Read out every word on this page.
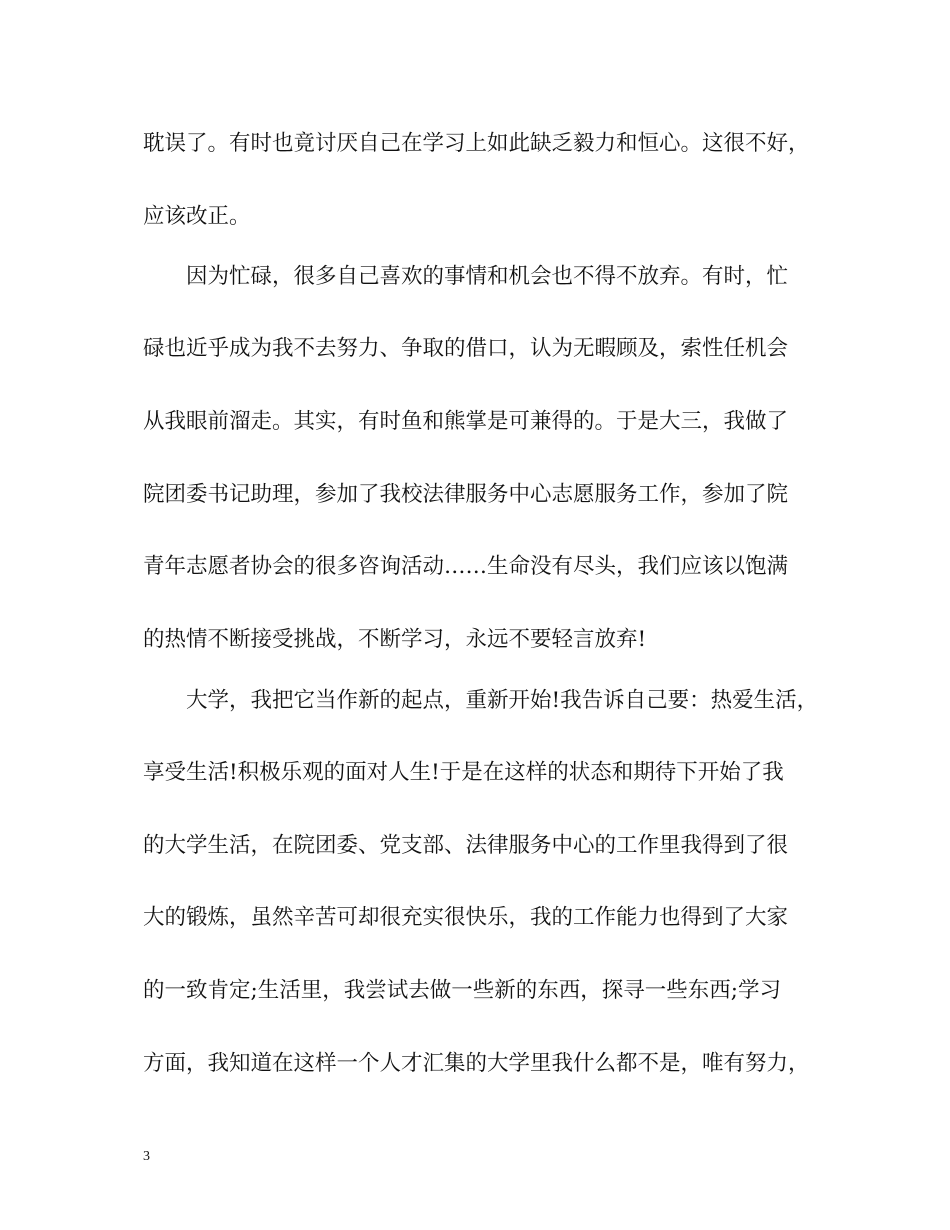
耽误了。有时也竟讨厌自己在学习上如此缺乏毅力和恒心。这很不好，
应该改正。
　　因为忙碌，很多自己喜欢的事情和机会也不得不放弃。有时，忙
碌也近乎成为我不去努力、争取的借口，认为无暇顾及，索性任机会
从我眼前溜走。其实，有时鱼和熊掌是可兼得的。于是大三，我做了
院团委书记助理，参加了我校法律服务中心志愿服务工作，参加了院
青年志愿者协会的很多咨询活动……生命没有尽头，我们应该以饱满
的热情不断接受挑战，不断学习，永远不要轻言放弃!
　　大学，我把它当作新的起点，重新开始!我告诉自己要：热爱生活，
享受生活!积极乐观的面对人生!于是在这样的状态和期待下开始了我
的大学生活，在院团委、党支部、法律服务中心的工作里我得到了很
大的锻炼，虽然辛苦可却很充实很快乐，我的工作能力也得到了大家
的一致肯定;生活里，我尝试去做一些新的东西，探寻一些东西;学习
方面，我知道在这样一个人才汇集的大学里我什么都不是，唯有努力，
3
